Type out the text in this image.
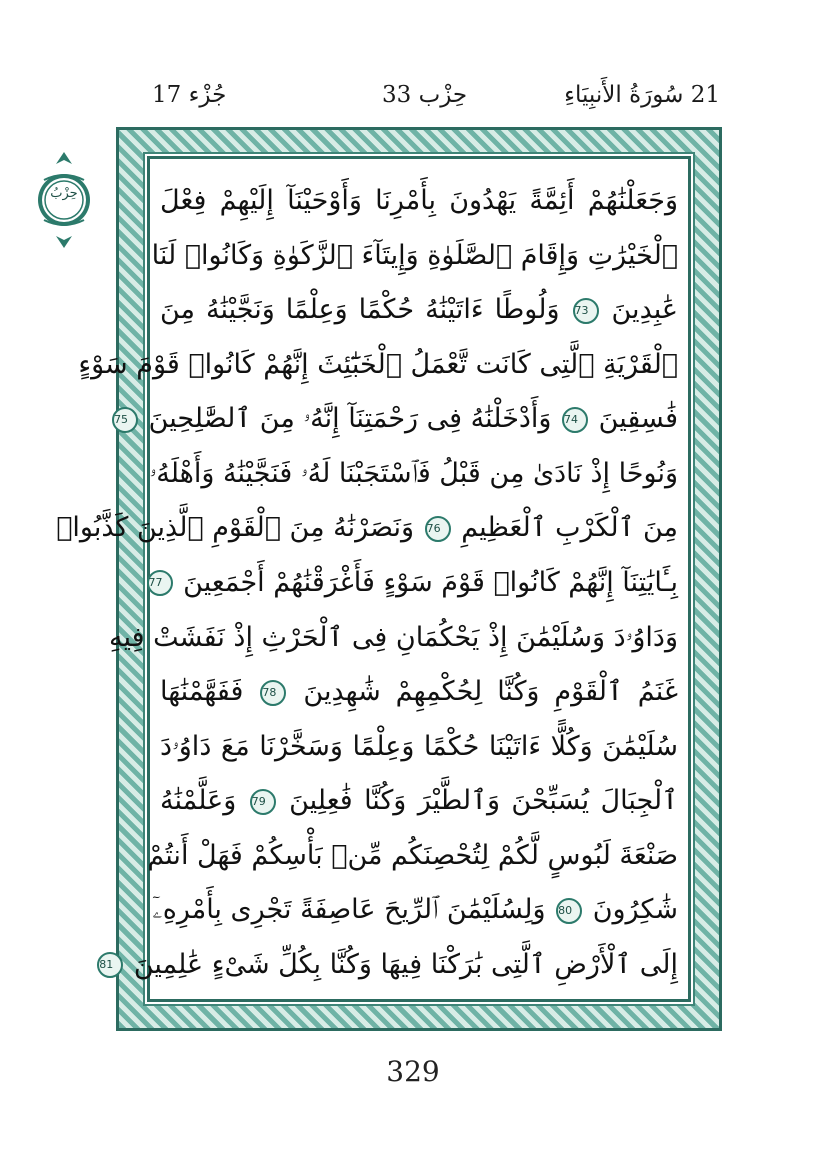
جُزْء 17	حِزْب 33	21 سُورَةُ الأَنبِيَاءِ
حِزْبُ	وَجَعَلْنَٰهُمْ أَئِمَّةً يَهْدُونَ بِأَمْرِنَا وَأَوْحَيْنَآ إِلَيْهِمْ فِعْلَ
ٱلْخَيْرَٰتِ وَإِقَامَ ٱلصَّلَوٰةِ وَإِيتَآءَ ٱلزَّكَوٰةِ وَكَانُوا۟ لَنَا
عَٰبِدِينَ 73 وَلُوطًا ءَاتَيْنَٰهُ حُكْمًا وَعِلْمًا وَنَجَّيْنَٰهُ مِنَ
ٱلْقَرْيَةِ ٱلَّتِى كَانَت تَّعْمَلُ ٱلْخَبَٰٓئِثَ إِنَّهُمْ كَانُوا۟ قَوْمَ سَوْءٍ
فَٰسِقِينَ 74 وَأَدْخَلْنَٰهُ فِى رَحْمَتِنَآ إِنَّهُۥ مِنَ ٱلصَّٰلِحِينَ 75
وَنُوحًا إِذْ نَادَىٰ مِن قَبْلُ فَٱسْتَجَبْنَا لَهُۥ فَنَجَّيْنَٰهُ وَأَهْلَهُۥ
مِنَ ٱلْكَرْبِ ٱلْعَظِيمِ 76 وَنَصَرْنَٰهُ مِنَ ٱلْقَوْمِ ٱلَّذِينَ كَذَّبُوا۟
بِـَٔايَٰتِنَآ إِنَّهُمْ كَانُوا۟ قَوْمَ سَوْءٍ فَأَغْرَقْنَٰهُمْ أَجْمَعِينَ 77
وَدَاوُۥدَ وَسُلَيْمَٰنَ إِذْ يَحْكُمَانِ فِى ٱلْحَرْثِ إِذْ نَفَشَتْ فِيهِ
غَنَمُ ٱلْقَوْمِ وَكُنَّا لِحُكْمِهِمْ شَٰهِدِينَ 78 فَفَهَّمْنَٰهَا
سُلَيْمَٰنَ وَكُلًّا ءَاتَيْنَا حُكْمًا وَعِلْمًا وَسَخَّرْنَا مَعَ دَاوُۥدَ
ٱلْجِبَالَ يُسَبِّحْنَ وَٱلطَّيْرَ وَكُنَّا فَٰعِلِينَ 79 وَعَلَّمْنَٰهُ
صَنْعَةَ لَبُوسٍ لَّكُمْ لِتُحْصِنَكُم مِّنۢ بَأْسِكُمْ فَهَلْ أَنتُمْ
شَٰكِرُونَ 80 وَلِسُلَيْمَٰنَ ٱلرِّيحَ عَاصِفَةً تَجْرِى بِأَمْرِهِۦٓ
إِلَى ٱلْأَرْضِ ٱلَّتِى بَٰرَكْنَا فِيهَا وَكُنَّا بِكُلِّ شَىْءٍ عَٰلِمِينَ 81
329
